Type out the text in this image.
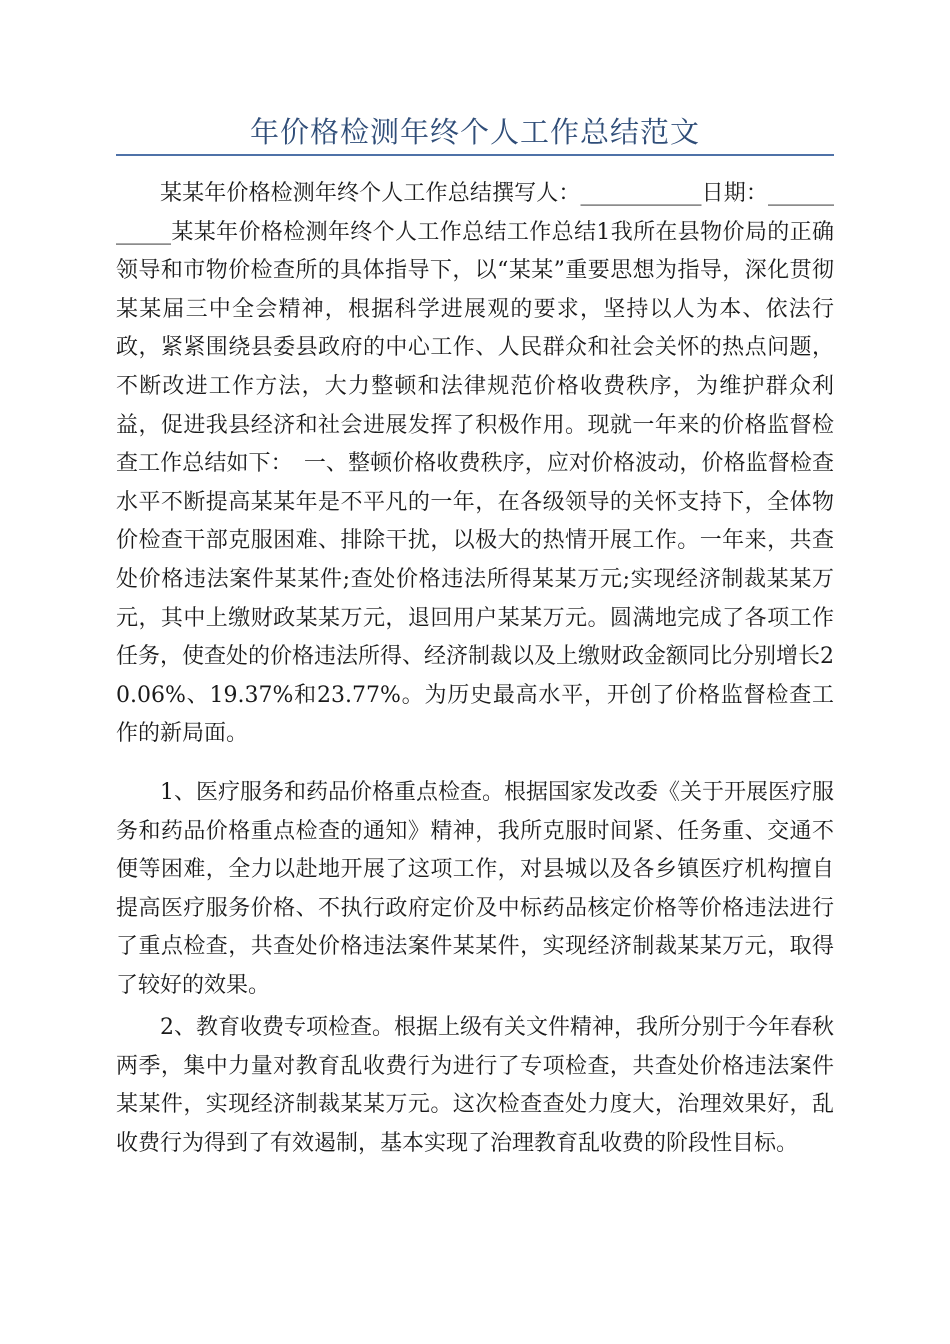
年价格检测年终个人工作总结范文

某某年价格检测年终个人工作总结撰写人：___________日期：___________某某年价格检测年终个人工作总结工作总结1我所在县物价局的正确领导和市物价检查所的具体指导下，以“某某”重要思想为指导，深化贯彻某某届三中全会精神，根据科学进展观的要求，坚持以人为本、依法行政，紧紧围绕县委县政府的中心工作、人民群众和社会关怀的热点问题，不断改进工作方法，大力整顿和法律规范价格收费秩序，为维护群众利益，促进我县经济和社会进展发挥了积极作用。现就一年来的价格监督检查工作总结如下：　一、整顿价格收费秩序，应对价格波动，价格监督检查水平不断提高某某年是不平凡的一年，在各级领导的关怀支持下，全体物价检查干部克服困难、排除干扰，以极大的热情开展工作。一年来，共查处价格违法案件某某件;查处价格违法所得某某万元;实现经济制裁某某万元，其中上缴财政某某万元，退回用户某某万元。圆满地完成了各项工作任务，使查处的价格违法所得、经济制裁以及上缴财政金额同比分别增长20.06%、19.37%和23.77%。为历史最高水平，开创了价格监督检查工作的新局面。

1、医疗服务和药品价格重点检查。根据国家发改委《关于开展医疗服务和药品价格重点检查的通知》精神，我所克服时间紧、任务重、交通不便等困难，全力以赴地开展了这项工作，对县城以及各乡镇医疗机构擅自提高医疗服务价格、不执行政府定价及中标药品核定价格等价格违法进行了重点检查，共查处价格违法案件某某件，实现经济制裁某某万元，取得了较好的效果。

2、教育收费专项检查。根据上级有关文件精神，我所分别于今年春秋两季，集中力量对教育乱收费行为进行了专项检查，共查处价格违法案件某某件，实现经济制裁某某万元。这次检查查处力度大，治理效果好，乱收费行为得到了有效遏制，基本实现了治理教育乱收费的阶段性目标。
